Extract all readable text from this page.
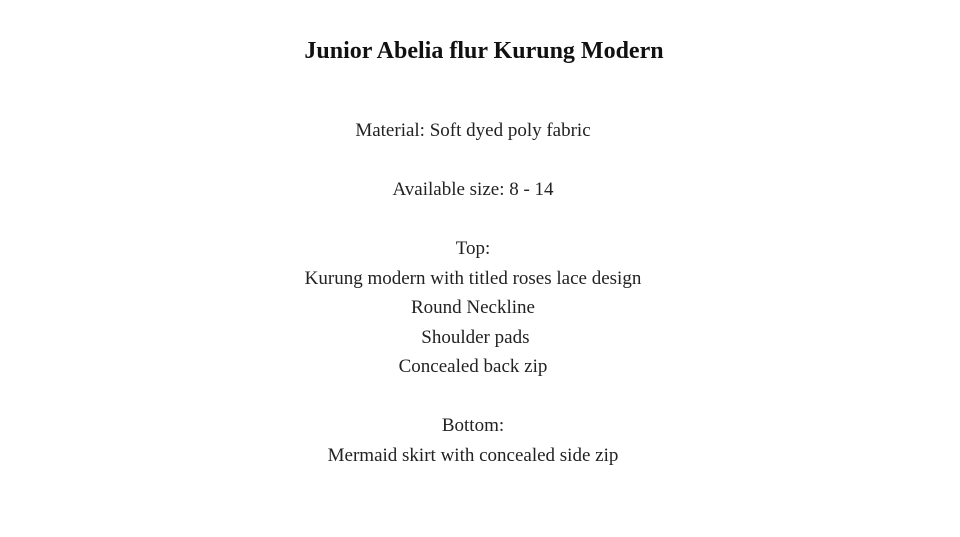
Junior Abelia flur Kurung Modern
Material: Soft dyed poly fabric
Available size: 8 - 14
Top:
Kurung modern with titled roses lace design
Round Neckline
Shoulder pads
Concealed back zip
Bottom:
Mermaid skirt with concealed side zip
